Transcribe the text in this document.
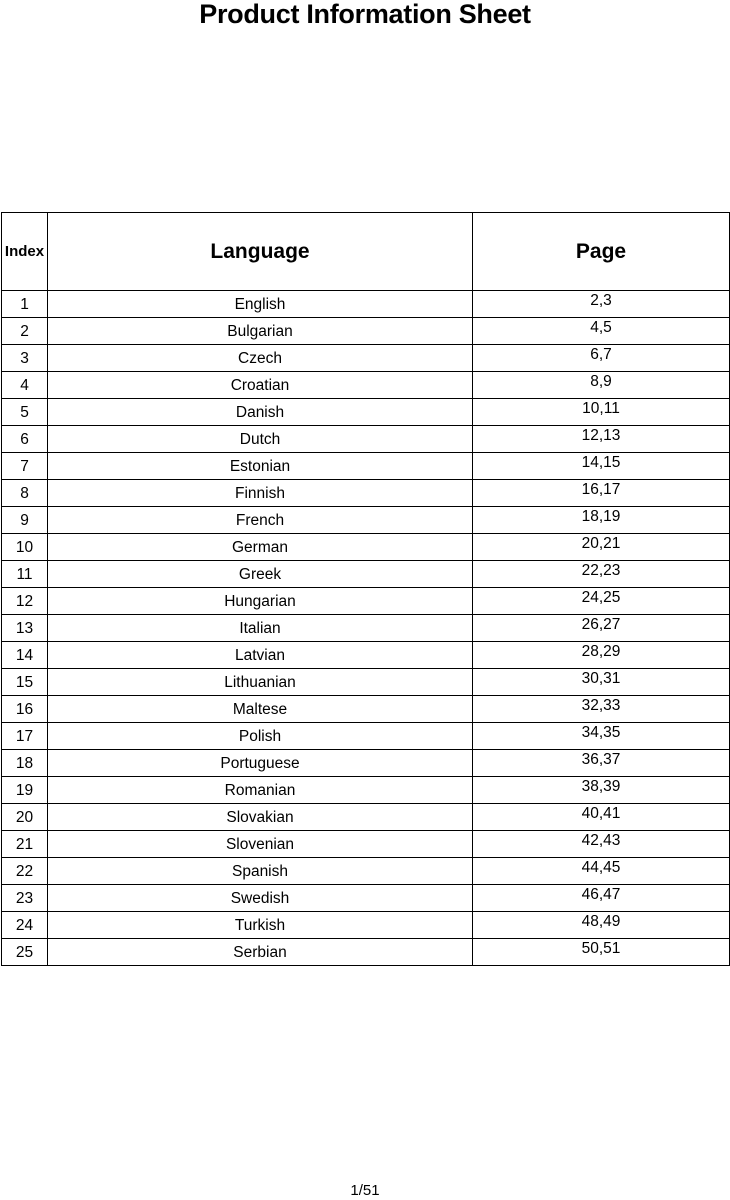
Product Information Sheet
Index	Language	Page
1	English	2,3
2	Bulgarian	4,5
3	Czech	6,7
4	Croatian	8,9
5	Danish	10,11
6	Dutch	12,13
7	Estonian	14,15
8	Finnish	16,17
9	French	18,19
10	German	20,21
11	Greek	22,23
12	Hungarian	24,25
13	Italian	26,27
14	Latvian	28,29
15	Lithuanian	30,31
16	Maltese	32,33
17	Polish	34,35
18	Portuguese	36,37
19	Romanian	38,39
20	Slovakian	40,41
21	Slovenian	42,43
22	Spanish	44,45
23	Swedish	46,47
24	Turkish	48,49
25	Serbian	50,51
1/51
